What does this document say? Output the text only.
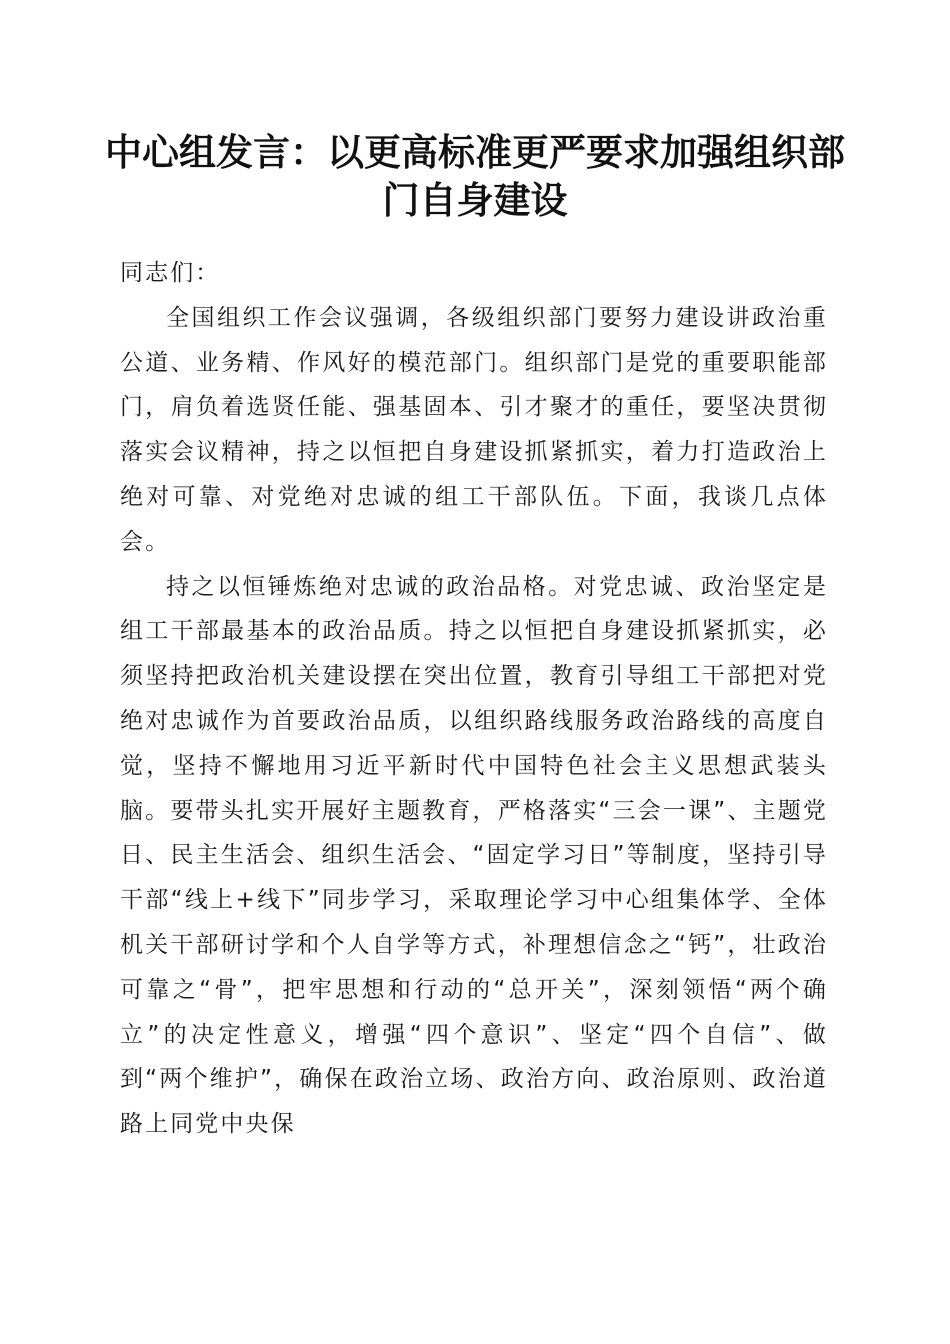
中心组发言：以更高标准更严要求加强组织部
门自身建设

同志们：

全国组织工作会议强调，各级组织部门要努力建设讲政治重公道、业务精、作风好的模范部门。组织部门是党的重要职能部门，肩负着选贤任能、强基固本、引才聚才的重任，要坚决贯彻落实会议精神，持之以恒把自身建设抓紧抓实，着力打造政治上绝对可靠、对党绝对忠诚的组工干部队伍。下面，我谈几点体会。

持之以恒锤炼绝对忠诚的政治品格。对党忠诚、政治坚定是组工干部最基本的政治品质。持之以恒把自身建设抓紧抓实，必须坚持把政治机关建设摆在突出位置，教育引导组工干部把对党绝对忠诚作为首要政治品质，以组织路线服务政治路线的高度自觉，坚持不懈地用习近平新时代中国特色社会主义思想武装头脑。要带头扎实开展好主题教育，严格落实“三会一课”、主题党日、民主生活会、组织生活会、“固定学习日”等制度，坚持引导干部“线上+线下”同步学习，采取理论学习中心组集体学、全体机关干部研讨学和个人自学等方式，补理想信念之“钙”，壮政治可靠之“骨”，把牢思想和行动的“总开关”，深刻领悟“两个确立”的决定性意义，增强“四个意识”、坚定“四个自信”、做到“两个维护”，确保在政治立场、政治方向、政治原则、政治道路上同党中央保
